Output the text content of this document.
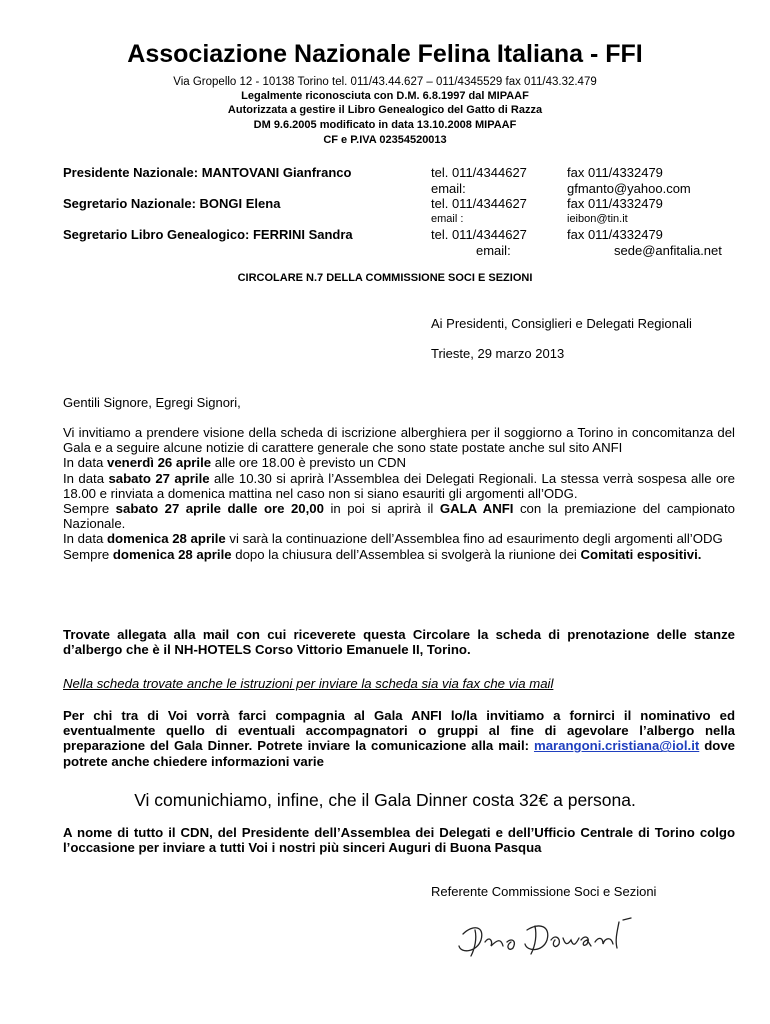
Associazione Nazionale Felina Italiana - FFI
Via Gropello 12 - 10138 Torino tel. 011/43.44.627 – 011/4345529 fax 011/43.32.479
Legalmente riconosciuta con D.M. 6.8.1997 dal MIPAAF
Autorizzata a gestire il Libro Genealogico del Gatto di Razza
DM 9.6.2005 modificato in data 13.10.2008 MIPAAF
CF e P.IVA 02354520013
Presidente Nazionale: MANTOVANI Gianfranco	tel. 011/4344627	fax 011/4332479
email:	gfmanto@yahoo.com
Segretario Nazionale: BONGI Elena	tel. 011/4344627	fax 011/4332479
email :	ieibon@tin.it
Segretario Libro Genealogico: FERRINI Sandra	tel. 011/4344627	fax 011/4332479
email:	sede@anfitalia.net
CIRCOLARE N.7 DELLA COMMISSIONE SOCI E SEZIONI
Ai Presidenti, Consiglieri e Delegati Regionali
Trieste, 29 marzo 2013
Gentili Signore, Egregi Signori,

Vi invitiamo a prendere visione della scheda di iscrizione alberghiera per il soggiorno a Torino in concomitanza del Gala e a seguire alcune notizie di carattere generale che sono state postate anche sul sito ANFI

In data venerdì 26 aprile alle ore 18.00 è previsto un CDN

In data sabato 27 aprile alle 10.30 si aprirà l’Assemblea dei Delegati Regionali. La stessa verrà sospesa alle ore 18.00 e rinviata a domenica mattina nel caso non si siano esauriti gli argomenti all’ODG.

Sempre sabato 27 aprile dalle ore 20,00 in poi si aprirà il GALA ANFI con la premiazione del campionato Nazionale.

In data domenica 28 aprile vi sarà la continuazione dell’Assemblea fino ad esaurimento degli argomenti all’ODG

Sempre domenica 28 aprile dopo la chiusura dell’Assemblea si svolgerà la riunione dei Comitati espositivi.

Trovate allegata alla mail con cui riceverete questa Circolare la scheda di prenotazione delle stanze d’albergo che è il NH-HOTELS Corso Vittorio Emanuele II, Torino.
Nella scheda trovate anche le istruzioni per inviare la scheda sia via fax che via mail
Per chi tra di Voi vorrà farci compagnia al Gala ANFI lo/la invitiamo a fornirci il nominativo ed eventualmente quello di eventuali accompagnatori o gruppi al fine di agevolare l’albergo nella preparazione del Gala Dinner. Potrete inviare la comunicazione alla mail: marangoni.cristiana@iol.it dove potrete anche chiedere informazioni varie
Vi comunichiamo, infine, che il Gala Dinner costa 32€ a persona.
A nome di tutto il CDN, del Presidente dell’Assemblea dei Delegati e dell’Ufficio Centrale di Torino colgo l’occasione per inviare a tutti Voi i nostri più sinceri Auguri di Buona Pasqua
Referente Commissione Soci e Sezioni
